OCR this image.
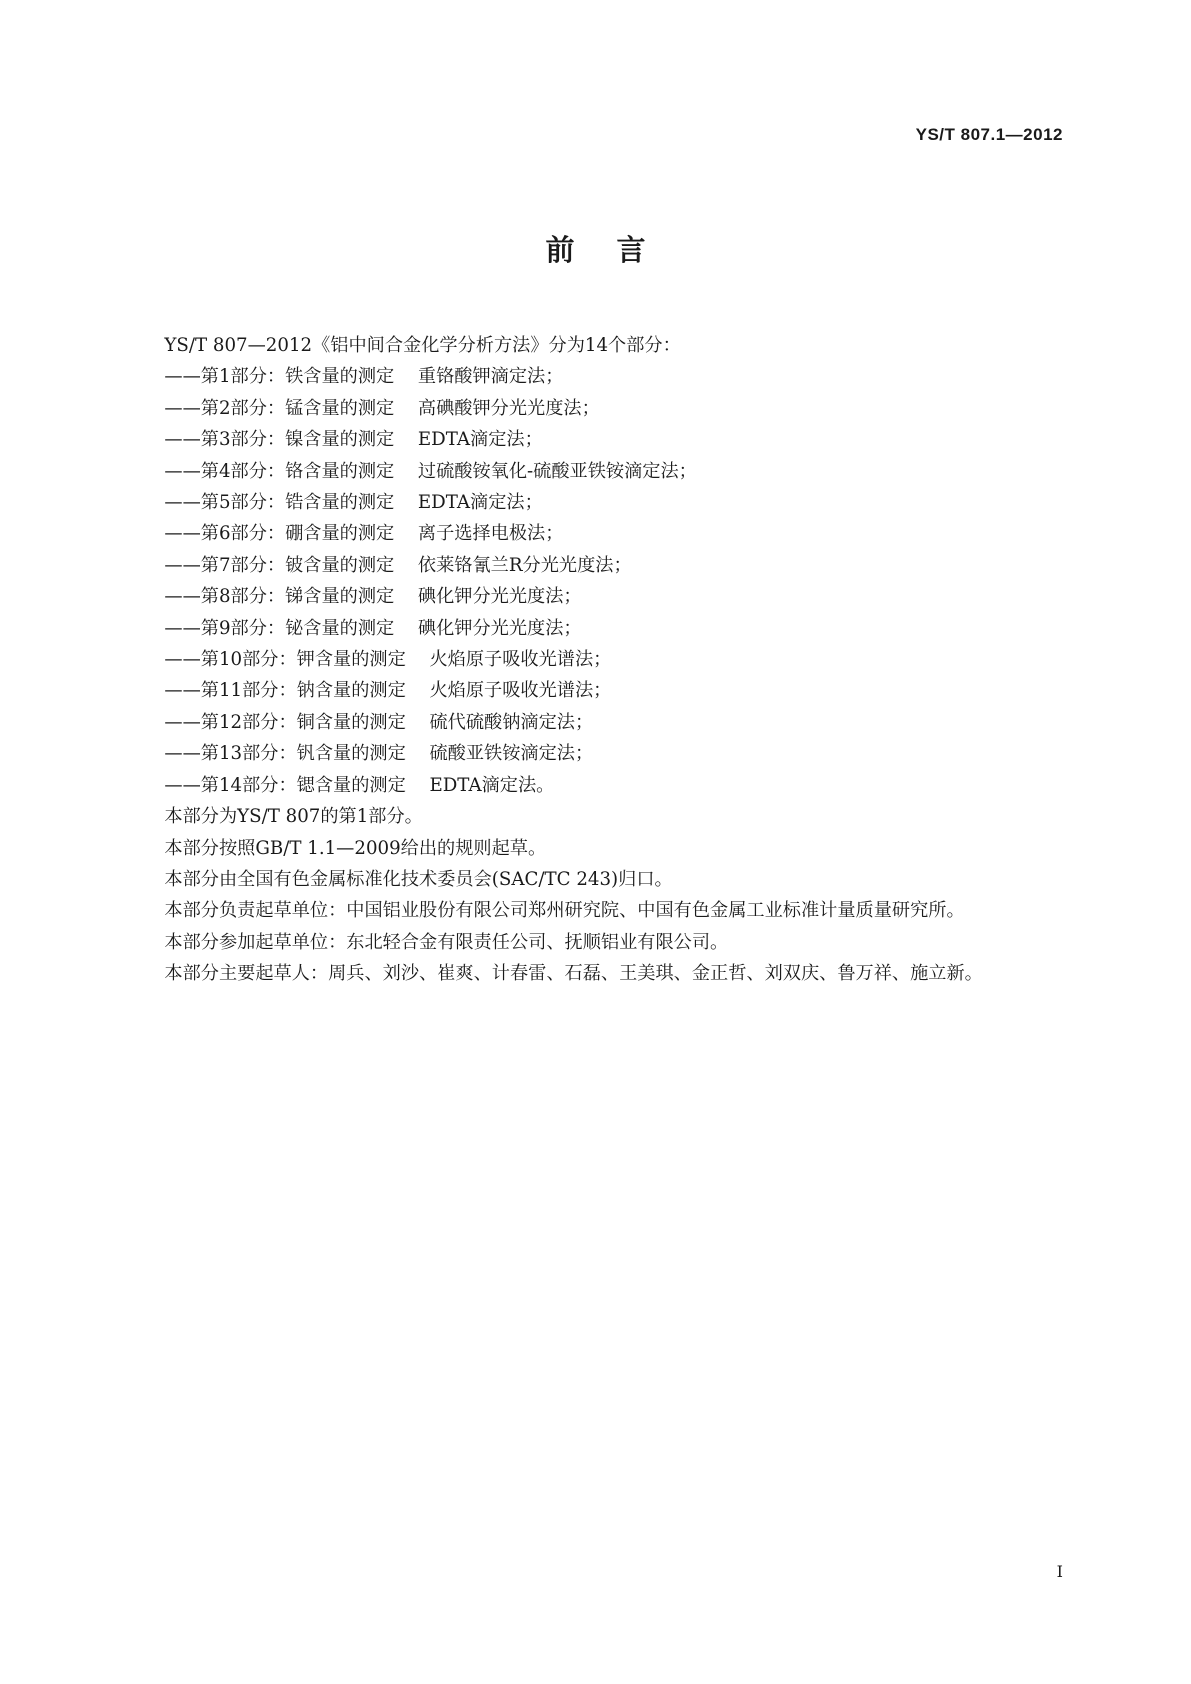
YS/T 807.1—2012
前言

YS/T 807—2012《铝中间合金化学分析方法》分为14个部分：

——第1部分：铁含量的测定 重铬酸钾滴定法；
——第2部分：锰含量的测定 高碘酸钾分光光度法；
——第3部分：镍含量的测定 EDTA滴定法；
——第4部分：铬含量的测定 过硫酸铵氧化-硫酸亚铁铵滴定法；
——第5部分：锆含量的测定 EDTA滴定法；
——第6部分：硼含量的测定 离子选择电极法；
——第7部分：铍含量的测定 依莱铬氰兰R分光光度法；
——第8部分：锑含量的测定 碘化钾分光光度法；
——第9部分：铋含量的测定 碘化钾分光光度法；
——第10部分：钾含量的测定 火焰原子吸收光谱法；
——第11部分：钠含量的测定 火焰原子吸收光谱法；
——第12部分：铜含量的测定 硫代硫酸钠滴定法；
——第13部分：钒含量的测定 硫酸亚铁铵滴定法；
——第14部分：锶含量的测定 EDTA滴定法。

本部分为YS/T 807的第1部分。

本部分按照GB/T 1.1—2009给出的规则起草。

本部分由全国有色金属标准化技术委员会(SAC/TC 243)归口。

本部分负责起草单位：中国铝业股份有限公司郑州研究院、中国有色金属工业标准计量质量研究所。

本部分参加起草单位：东北轻合金有限责任公司、抚顺铝业有限公司。

本部分主要起草人：周兵、刘沙、崔爽、计春雷、石磊、王美琪、金正哲、刘双庆、鲁万祥、施立新。

I
